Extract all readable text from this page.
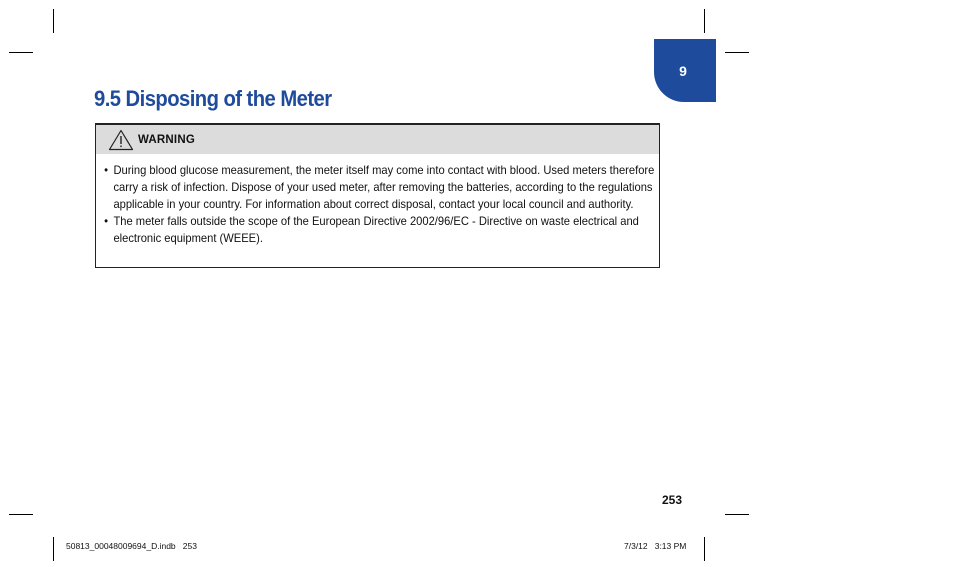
9
9.5 Disposing of the Meter
WARNING
• During blood glucose measurement, the meter itself may come into contact with blood. Used meters therefore carry a risk of infection. Dispose of your used meter, after removing the batteries, according to the regulations applicable in your country. For information about correct disposal, contact your local council and authority.
• The meter falls outside the scope of the European Directive 2002/96/EC - Directive on waste electrical and electronic equipment (WEEE).
253
50813_00048009694_D.indb   253	7/3/12   3:13 PM
